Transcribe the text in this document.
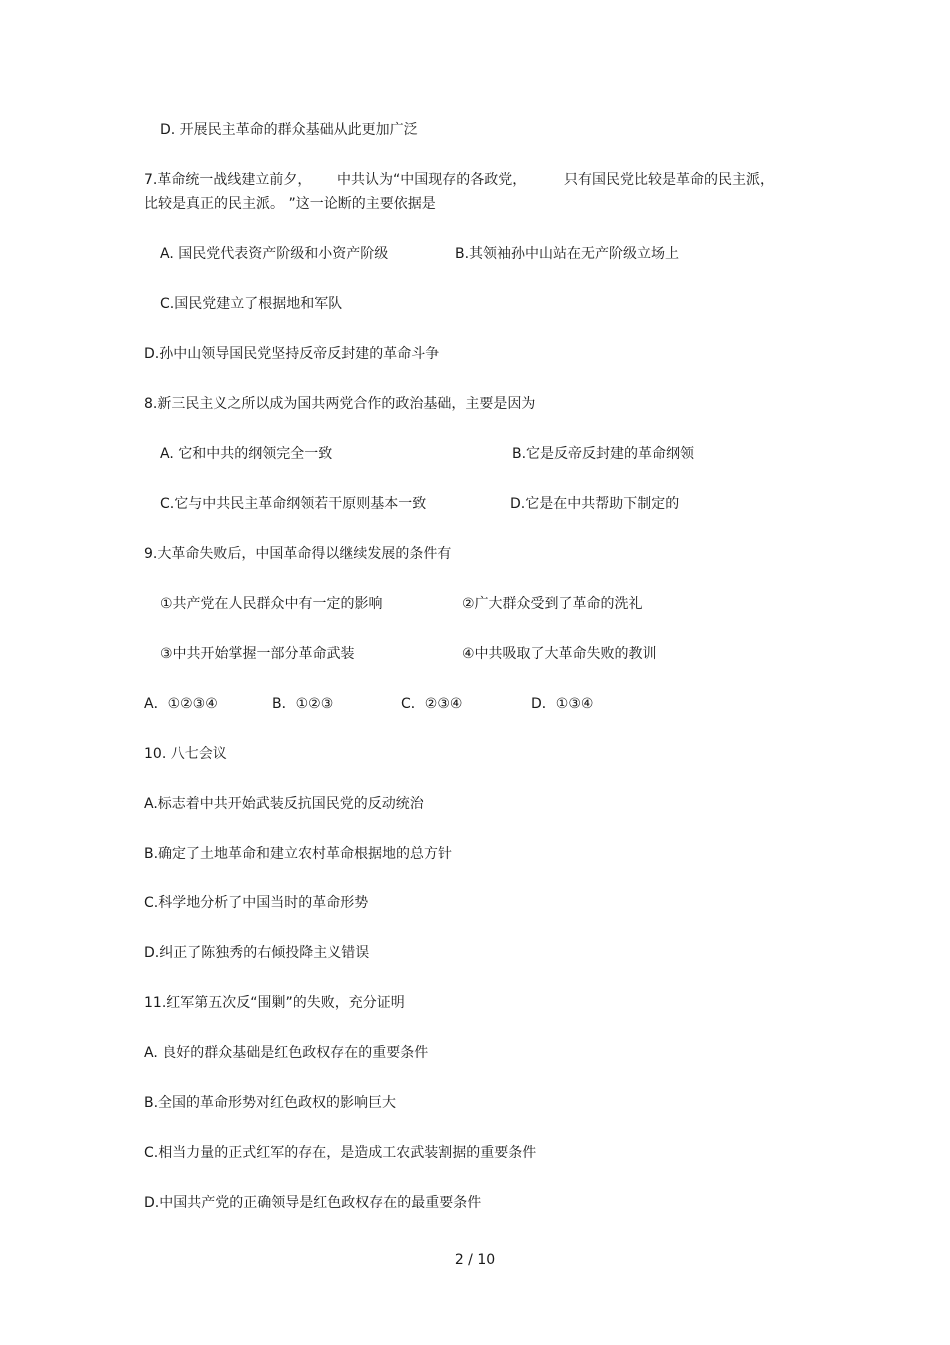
D. 开展民主革命的群众基础从此更加广泛
7.革命统一战线建立前夕， 中共认为“中国现存的各政党，	只有国民党比较是革命的民主派，
比较是真正的民主派。 ”这一论断的主要依据是
A. 国民党代表资产阶级和小资产阶级	B.其领袖孙中山站在无产阶级立场上
C.国民党建立了根据地和军队
D.孙中山领导国民党坚持反帝反封建的革命斗争
8.新三民主义之所以成为国共两党合作的政治基础，主要是因为
A. 它和中共的纲领完全一致	B.它是反帝反封建的革命纲领
C.它与中共民主革命纲领若干原则基本一致	D.它是在中共帮助下制定的
9.大革命失败后，中国革命得以继续发展的条件有
①共产党在人民群众中有一定的影响	②广大群众受到了革命的洗礼
③中共开始掌握一部分革命武装	④中共吸取了大革命失败的教训
A．①②③④	B．①②③	C．②③④	D．①③④
10. 八七会议
A.标志着中共开始武装反抗国民党的反动统治
B.确定了土地革命和建立农村革命根据地的总方针
C.科学地分析了中国当时的革命形势
D.纠正了陈独秀的右倾投降主义错误
11.红军第五次反“围剿”的失败，充分证明
A. 良好的群众基础是红色政权存在的重要条件
B.全国的革命形势对红色政权的影响巨大
C.相当力量的正式红军的存在，是造成工农武装割据的重要条件
D.中国共产党的正确领导是红色政权存在的最重要条件
2 / 10
